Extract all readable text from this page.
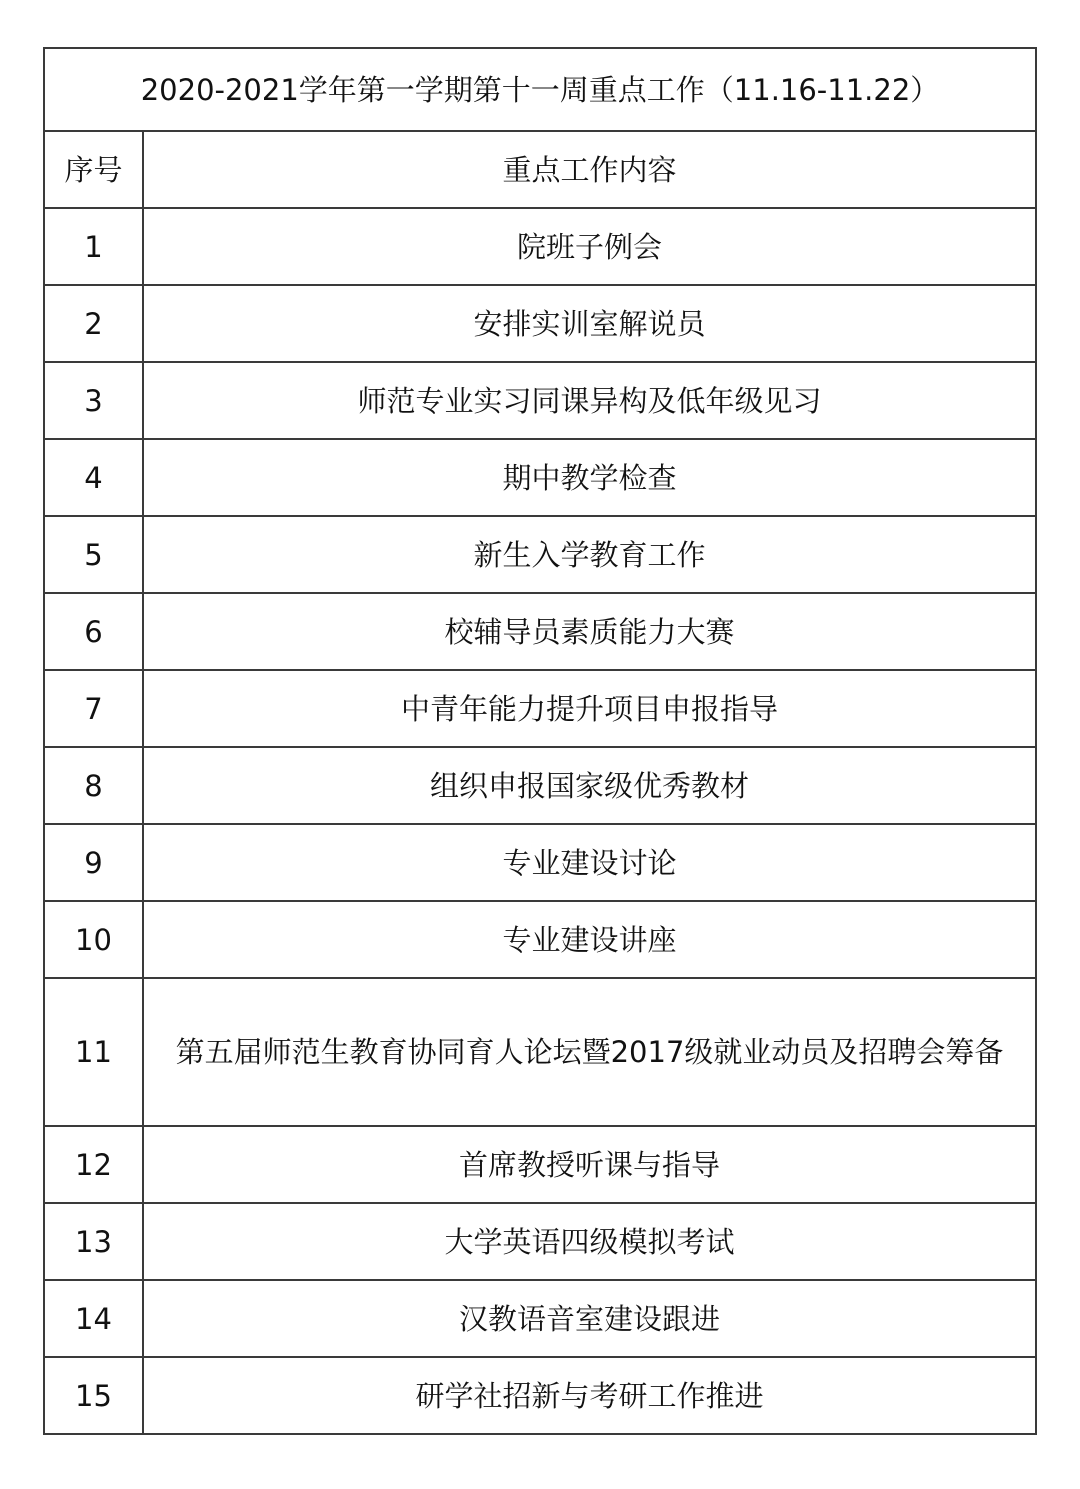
2020-2021学年第一学期第十一周重点工作（11.16-11.22）	
序号	重点工作内容
1	院班子例会
2	安排实训室解说员
3	师范专业实习同课异构及低年级见习
4	期中教学检查
5	新生入学教育工作
6	校辅导员素质能力大赛
7	中青年能力提升项目申报指导
8	组织申报国家级优秀教材
9	专业建设讨论
10	专业建设讲座
11	第五届师范生教育协同育人论坛暨2017级就业动员及招聘会筹备
12	首席教授听课与指导
13	大学英语四级模拟考试
14	汉教语音室建设跟进
15	研学社招新与考研工作推进
